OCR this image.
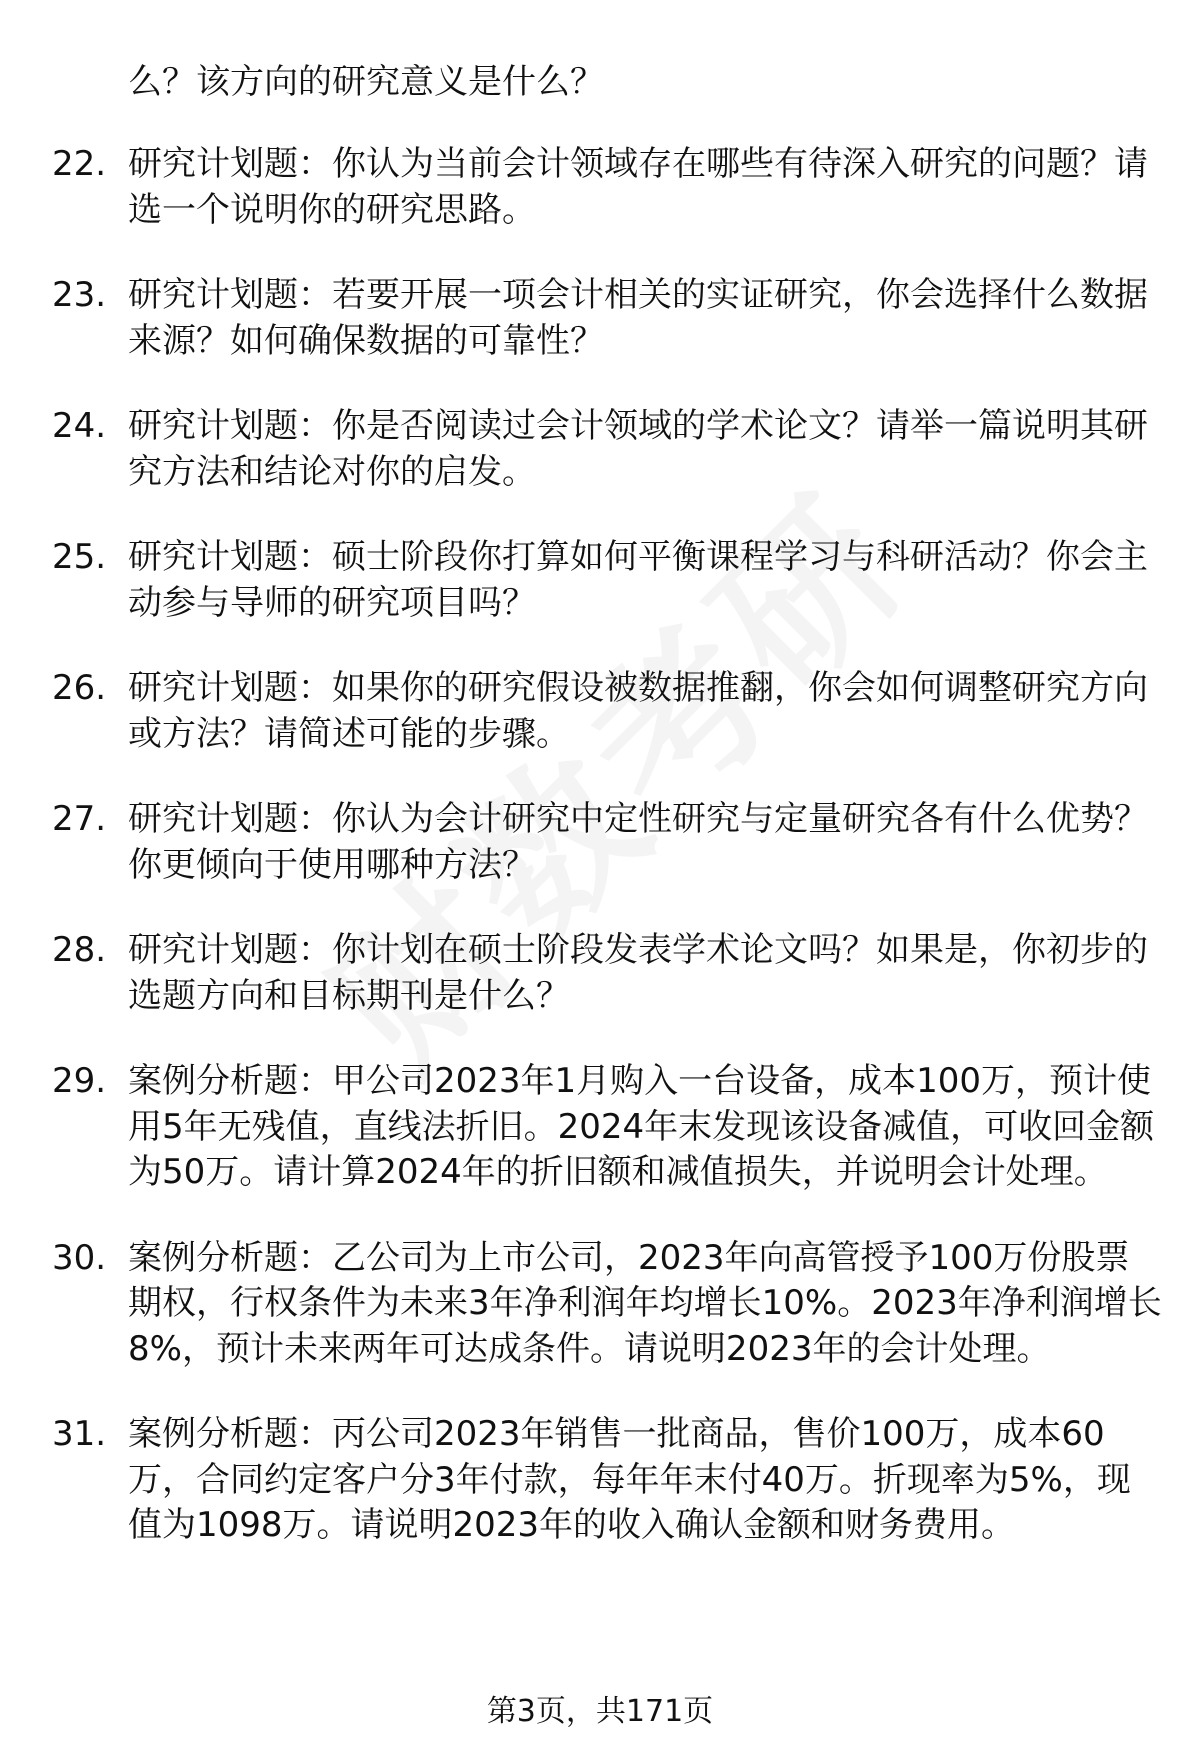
么？该方向的研究意义是什么？
22. 研究计划题：你认为当前会计领域存在哪些有待深入研究的问题？请选一个说明你的研究思路。
23. 研究计划题：若要开展一项会计相关的实证研究，你会选择什么数据来源？如何确保数据的可靠性？
24. 研究计划题：你是否阅读过会计领域的学术论文？请举一篇说明其研究方法和结论对你的启发。
25. 研究计划题：硕士阶段你打算如何平衡课程学习与科研活动？你会主动参与导师的研究项目吗？
26. 研究计划题：如果你的研究假设被数据推翻，你会如何调整研究方向或方法？请简述可能的步骤。
27. 研究计划题：你认为会计研究中定性研究与定量研究各有什么优势？你更倾向于使用哪种方法？
28. 研究计划题：你计划在硕士阶段发表学术论文吗？如果是，你初步的选题方向和目标期刊是什么？
29. 案例分析题：甲公司2023年1月购入一台设备，成本100万，预计使用5年无残值，直线法折旧。2024年末发现该设备减值，可收回金额为50万。请计算2024年的折旧额和减值损失，并说明会计处理。
30. 案例分析题：乙公司为上市公司，2023年向高管授予100万份股票期权，行权条件为未来3年净利润年均增长10%。2023年净利润增长8%，预计未来两年可达成条件。请说明2023年的会计处理。
31. 案例分析题：丙公司2023年销售一批商品，售价100万，成本60万，合同约定客户分3年付款，每年年末付40万。折现率为5%，现值为1098万。请说明2023年的收入确认金额和财务费用。
第3页，共171页
